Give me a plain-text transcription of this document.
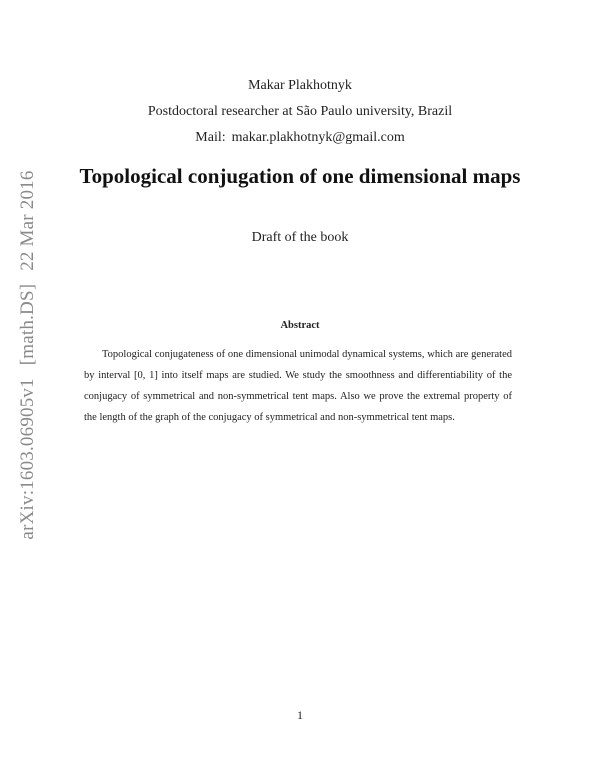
Makar Plakhotnyk
Postdoctoral researcher at São Paulo university, Brazil
Mail: makar.plakhotnyk@gmail.com
Topological conjugation of one dimensional maps
Draft of the book
Abstract

Topological conjugateness of one dimensional unimodal dynamical systems, which are generated by interval [0, 1] into itself maps are studied. We study the smoothness and differentiability of the conjugacy of symmetrical and non-symmetrical tent maps. Also we prove the extremal property of the length of the graph of the conjugacy of symmetrical and non-symmetrical tent maps.

arXiv:1603.06905v1 [math.DS] 22 Mar 2016
1
